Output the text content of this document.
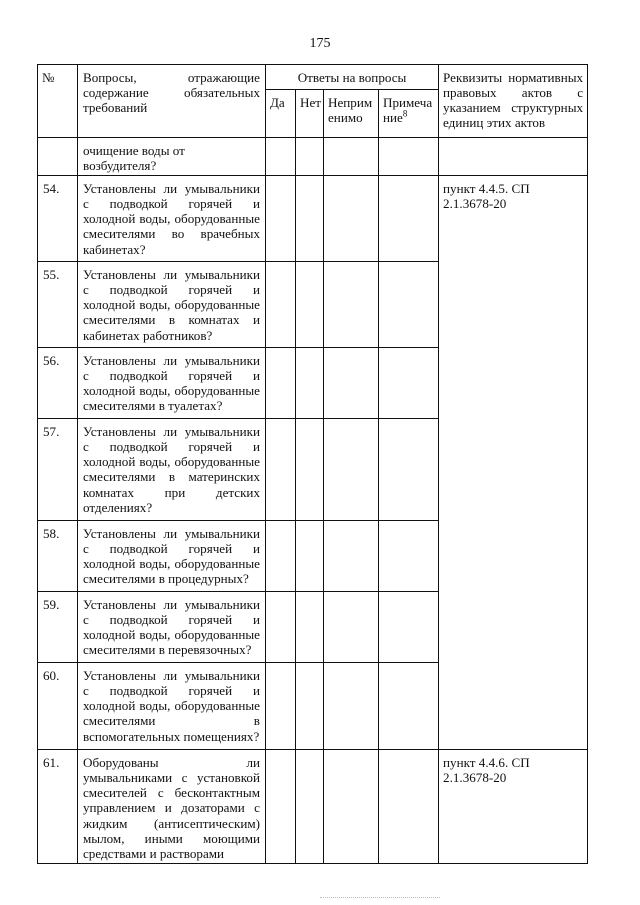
175
№	Вопросы, отражающие содержание обязательных требований	Ответы на вопросы				Реквизиты нормативных правовых актов с указанием структурных единиц этих актов
		Да	Нет	Неприм енимо	Примеча ние$^8$
	очищение воды от возбудителя?					
54.	Установлены ли умывальники с подводкой горячей и холодной воды, оборудованные смесителями во врачебных кабинетах?					пункт 4.4.5. СП 2.1.3678-20
55.	Установлены ли умывальники с подводкой горячей и холодной воды, оборудованные смесителями в комнатах и кабинетах работников?					
56.	Установлены ли умывальники с подводкой горячей и холодной воды, оборудованные смесителями в туалетах?					
57.	Установлены ли умывальники с подводкой горячей и холодной воды, оборудованные смесителями в материнских комнатах при детских отделениях?					
58.	Установлены ли умывальники с подводкой горячей и холодной воды, оборудованные смесителями в процедурных?					
59.	Установлены ли умывальники с подводкой горячей и холодной воды, оборудованные смесителями в перевязочных?					
60.	Установлены ли умывальники с подводкой горячей и холодной воды, оборудованные смесителями в вспомогательных помещениях?					
61.	Оборудованы ли умывальниками с установкой смесителей с бесконтактным управлением и дозаторами с жидким (антисептическим) мылом, иными моющими средствами и растворами					пункт 4.4.6. СП 2.1.3678-20
